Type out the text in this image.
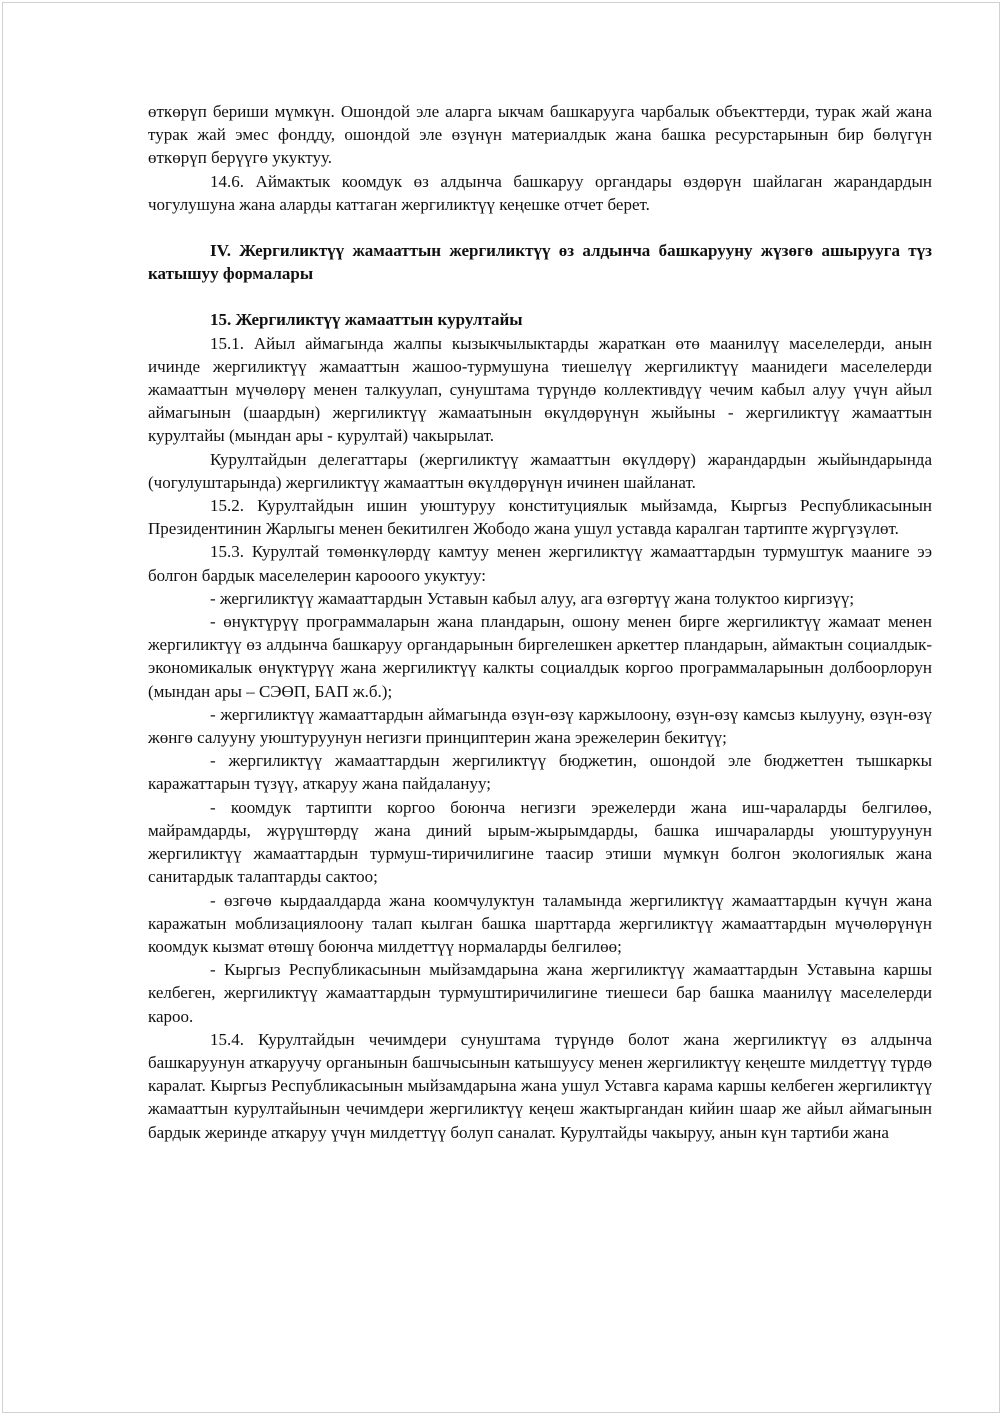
өткөрүп бериши мүмкүн. Ошондой эле аларга ыкчам башкарууга чарбалык объекттерди, турак жай жана турак жай эмес фондду, ошондой эле өзүнүн материалдык жана башка ресурстарынын бир бөлүгүн өткөрүп берүүгө укуктуу.

14.6. Аймактык коомдук өз алдынча башкаруу органдары өздөрүн шайлаган жарандардын чогулушуна жана аларды каттаган жергиликтүү кеңешке отчет берет.

IV. Жергиликтүү жамааттын жергиликтүү өз алдынча башкарууну жүзөгө ашырууга түз катышуу формалары

15. Жергиликтүү жамааттын курултайы

15.1. Айыл аймагында жалпы кызыкчылыктарды жараткан өтө маанилүү маселелерди, анын ичинде жергиликтүү жамааттын жашоо-турмушуна тиешелүү жергиликтүү маанидеги маселелерди жамааттын мүчөлөрү менен талкуулап, сунуштама түрүндө коллективдүү чечим кабыл алуу үчүн айыл аймагынын (шаардын) жергиликтүү жамаатынын өкүлдөрүнүн жыйыны - жергиликтүү жамааттын курултайы (мындан ары - курултай) чакырылат.

Курултайдын делегаттары (жергиликтүү жамааттын өкүлдөрү) жарандардын жыйындарында (чогулуштарында) жергиликтүү жамааттын өкүлдөрүнүн ичинен шайланат.

15.2. Курултайдын ишин уюштуруу конституциялык мыйзамда, Кыргыз Республикасынын Президентинин Жарлыгы менен бекитилген Жободо жана ушул уставда каралган тартипте жүргүзүлөт.

15.3. Курултай төмөнкүлөрдү камтуу менен жергиликтүү жамааттардын турмуштук мааниге ээ болгон бардык маселелерин карооого укуктуу:

- жергиликтүү жамааттардын Уставын кабыл алуу, ага өзгөртүү жана толуктоо киргизүү;

- өнүктүрүү программаларын жана пландарын, ошону менен бирге жергиликтүү жамаат менен жергиликтүү өз алдынча башкаруу органдарынын биргелешкен аркеттер пландарын, аймактын социалдык-экономикалык өнүктүрүү жана жергиликтүү калкты социалдык коргоо программаларынын долбоорлорун (мындан ары – СЭӨП, БАП ж.б.);

- жергиликтүү жамааттардын аймагында өзүн-өзү каржылоону, өзүн-өзү камсыз кылууну, өзүн-өзү жөнгө салууну уюштуруунун негизги принциптерин жана эрежелерин бекитүү;

- жергиликтүү жамааттардын жергиликтүү бюджетин, ошондой эле бюджеттен тышкаркы каражаттарын түзүү, аткаруу жана пайдалануу;

- коомдук тартипти коргоо боюнча негизги эрежелерди жана иш-чараларды белгилөө, майрамдарды, жүрүштөрдү жана диний ырым-жырымдарды, башка ишчараларды уюштуруунун жергиликтүү жамааттардын турмуш-тиричилигине таасир этиши мүмкүн болгон экологиялык жана санитардык талаптарды сактоо;

- өзгөчө кырдаалдарда жана коомчулуктун таламында жергиликтүү жамааттардын күчүн жана каражатын моблизациялоону талап кылган башка шарттарда жергиликтүү жамааттардын мүчөлөрүнүн коомдук кызмат өтөшү боюнча милдеттүү нормаларды белгилөө;

- Кыргыз Республикасынын мыйзамдарына жана жергиликтүү жамааттардын Уставына каршы келбеген, жергиликтүү жамааттардын турмуштиричилигине тиешеси бар башка маанилүү маселелерди кароо.

15.4. Курултайдын чечимдери сунуштама түрүндө болот жана жергиликтүү өз алдынча башкаруунун аткаруучу органынын башчысынын катышуусу менен жергиликтүү кеңеште милдеттүү түрдө каралат. Кыргыз Республикасынын мыйзамдарына жана ушул Уставга карама каршы келбеген жергиликтүү жамааттын курултайынын чечимдери жергиликтүү кеңеш жактыргандан кийин шаар же айыл аймагынын бардык жеринде аткаруу үчүн милдеттүү болуп саналат. Курултайды чакыруу, анын күн тартиби жана
